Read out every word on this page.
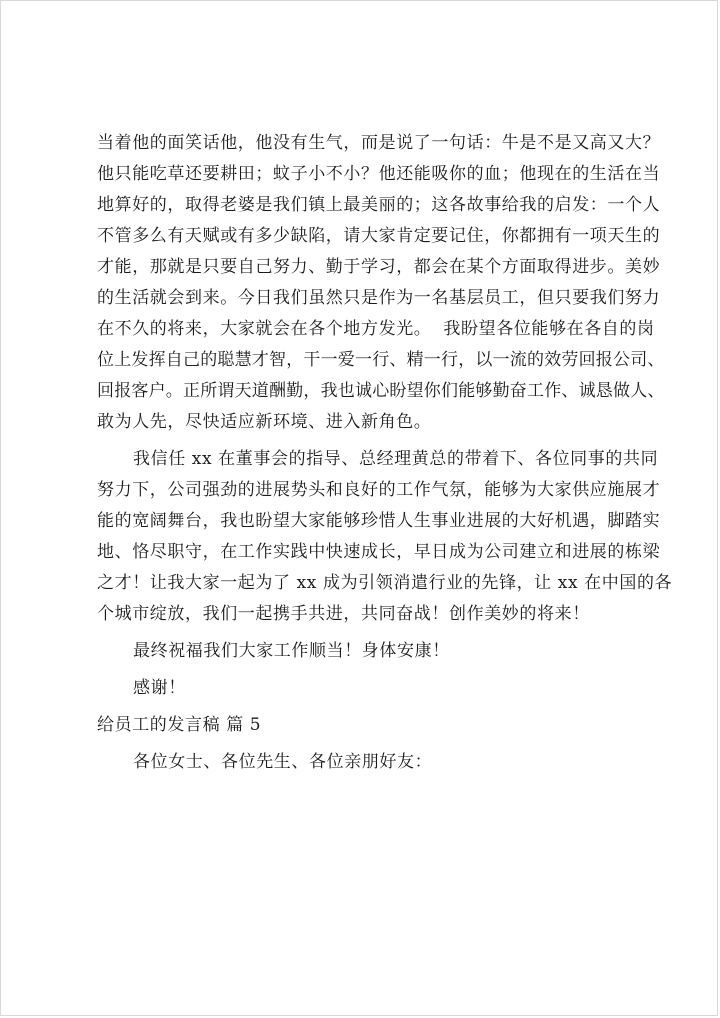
当着他的面笑话他，他没有生气，而是说了一句话：牛是不是又高又大？
他只能吃草还要耕田；蚊子小不小？他还能吸你的血；他现在的生活在当
地算好的，取得老婆是我们镇上最美丽的；这各故事给我的启发：一个人
不管多么有天赋或有多少缺陷，请大家肯定要记住，你都拥有一项天生的
才能，那就是只要自己努力、勤于学习，都会在某个方面取得进步。美妙
的生活就会到来。今日我们虽然只是作为一名基层员工，但只要我们努力
在不久的将来，大家就会在各个地方发光。  我盼望各位能够在各自的岗
位上发挥自己的聪慧才智，干一爱一行、精一行，以一流的效劳回报公司、
回报客户。正所谓天道酬勤，我也诚心盼望你们能够勤奋工作、诚恳做人、
敢为人先，尽快适应新环境、进入新角色。
我信任 xx 在董事会的指导、总经理黄总的带着下、各位同事的共同
努力下，公司强劲的进展势头和良好的工作气氛，能够为大家供应施展才
能的宽阔舞台，我也盼望大家能够珍惜人生事业进展的大好机遇，脚踏实
地、恪尽职守，在工作实践中快速成长，早日成为公司建立和进展的栋梁
之才！让我大家一起为了 xx 成为引领消遣行业的先锋，让 xx 在中国的各
个城市绽放，我们一起携手共进，共同奋战！创作美妙的将来！
最终祝福我们大家工作顺当！身体安康！
感谢！
给员工的发言稿 篇 5
各位女士、各位先生、各位亲朋好友：
